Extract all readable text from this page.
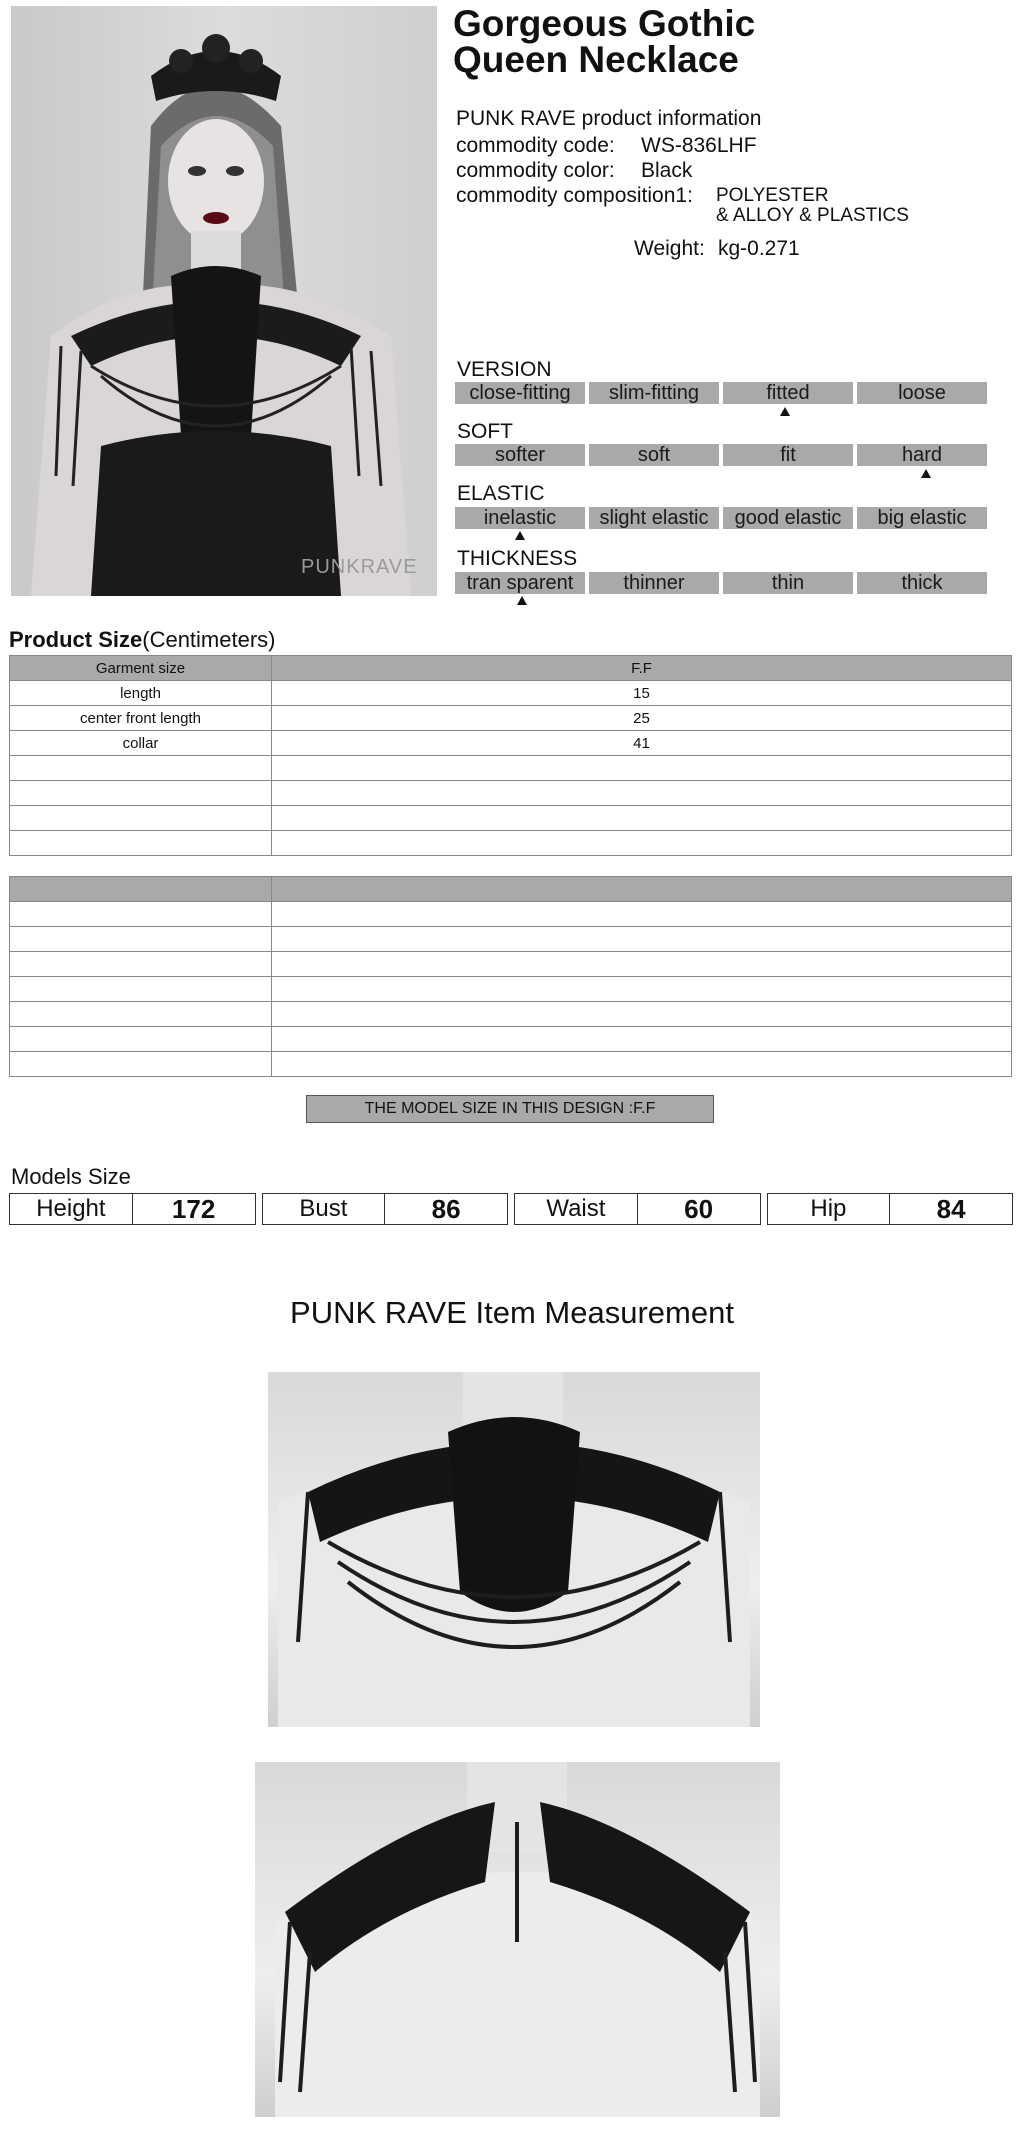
PUNKRAVE
Gorgeous Gothic
Queen Necklace
PUNK RAVE product information
commodity code: WS-836LHF
commodity color: Black
commodity composition1: POLYESTER
& ALLOY & PLASTICS
Weight: kg-0.271
VERSION
close-fitting	slim-fitting	fitted	loose
SOFT
softer	soft	fit	hard
ELASTIC
inelastic	slight elastic	good elastic	big elastic
THICKNESS
tran sparent	thinner	thin	thick
Product Size(Centimeters)
Garment size	F.F
length	15
center front length	25
collar	41

THE MODEL SIZE IN THIS DESIGN :F.F
Models Size
Height	172	Bust	86	Waist	60	Hip	84
PUNK RAVE Item Measurement
